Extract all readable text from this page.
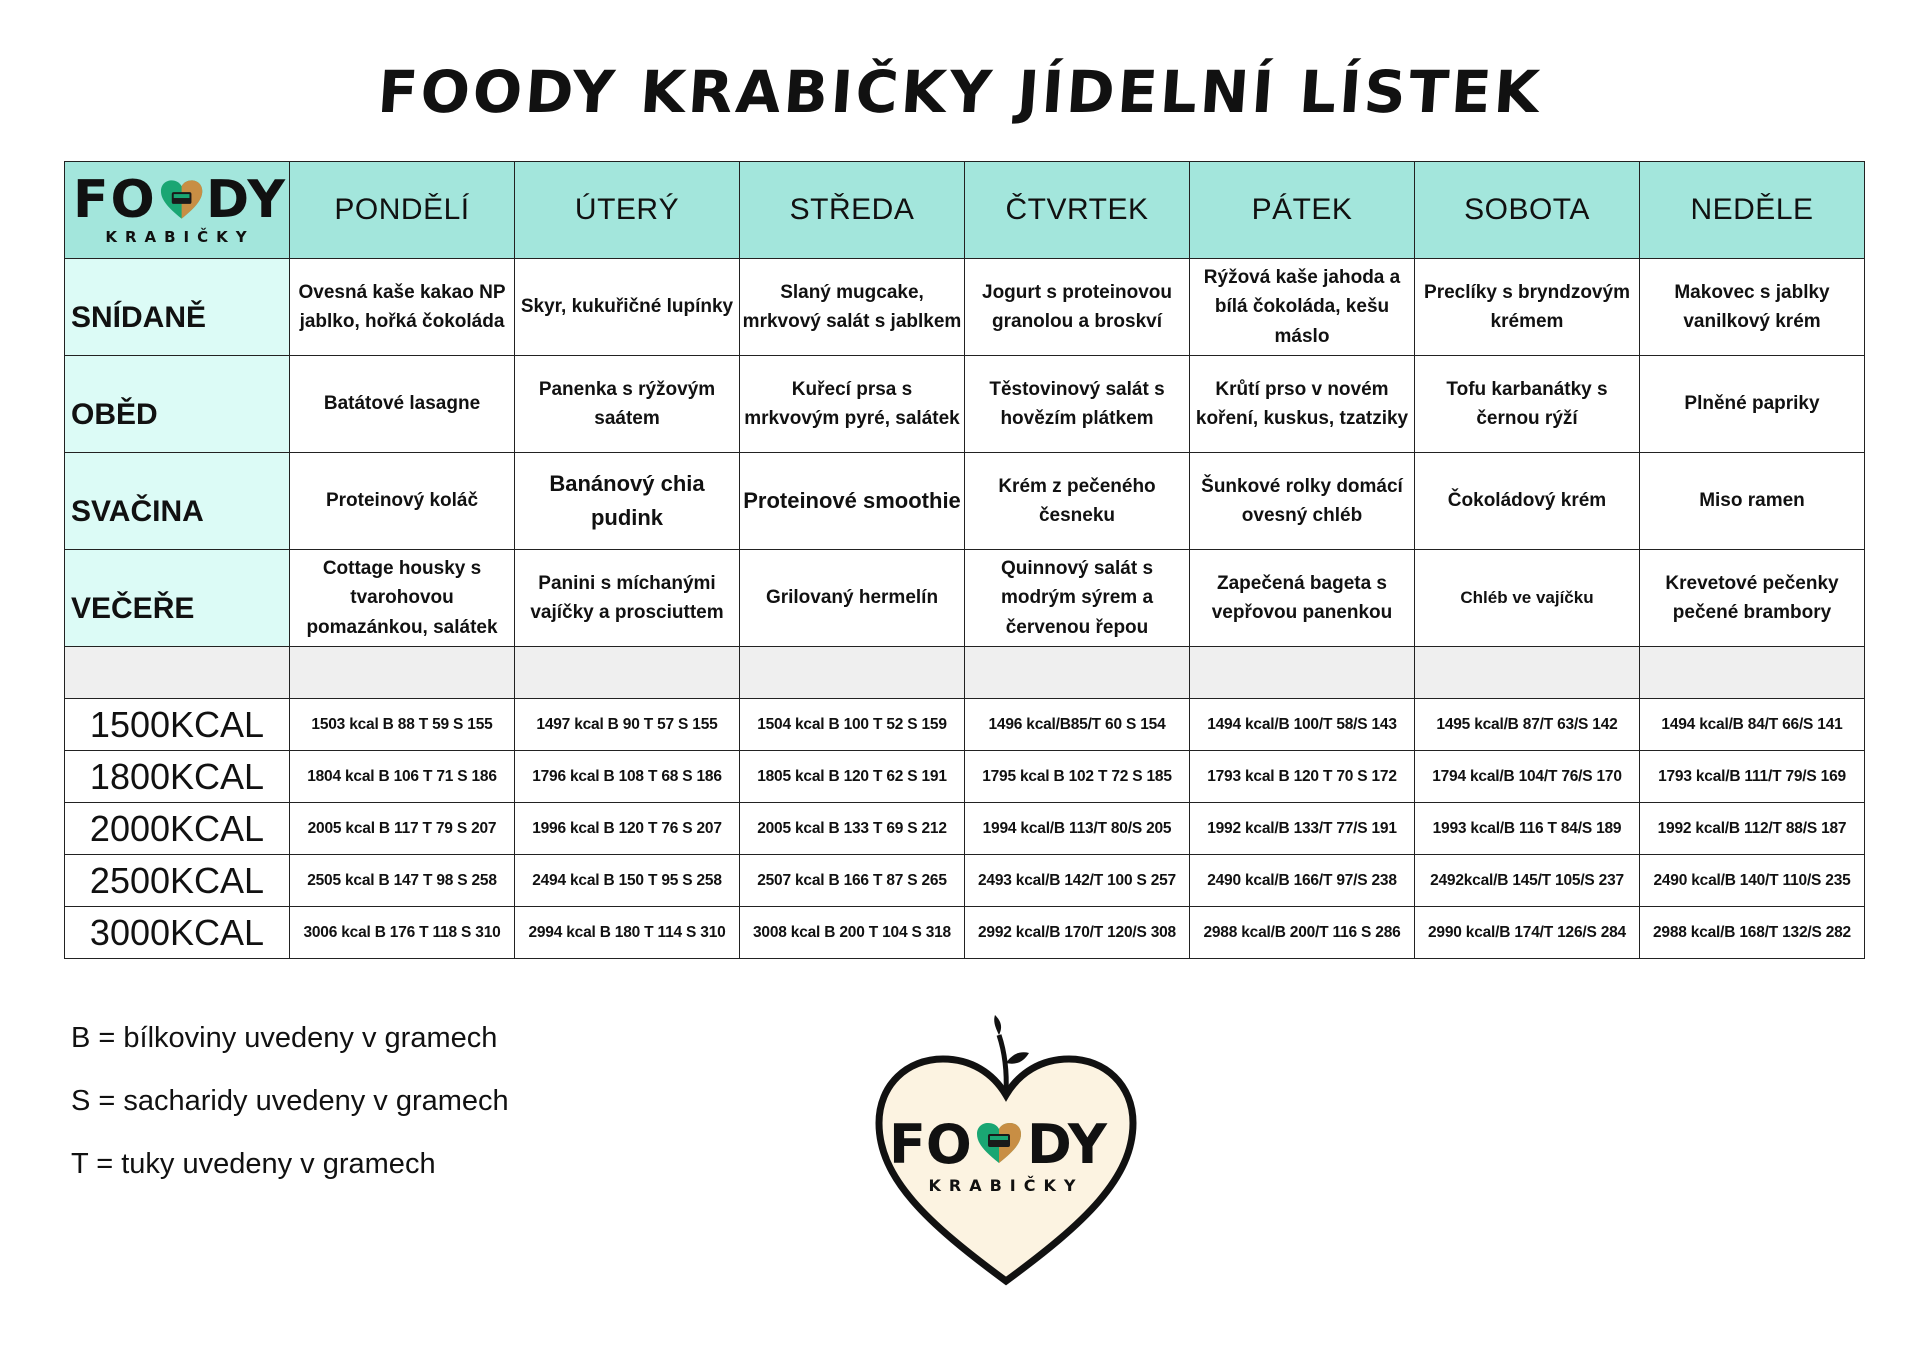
FOODY KRABIČKY JÍDELNÍ LÍSTEK
FO DY
KRABIČKY	PONDĚLÍ	ÚTERÝ	STŘEDA	ČTVRTEK	PÁTEK	SOBOTA	NEDĚLE

SNÍDANĚ	Ovesná kaše kakao NP jablko, hořká čokoláda	Skyr, kukuřičné lupínky	Slaný mugcake, mrkvový salát s jablkem	Jogurt s proteinovou granolou a broskví	Rýžová kaše jahoda a bílá čokoláda, kešu máslo	Preclíky s bryndzovým krémem	Makovec s jablky vanilkový krém

OBĚD	Batátové lasagne	Panenka s rýžovým saátem	Kuřecí prsa s mrkvovým pyré, salátek	Těstovinový salát s hovězím plátkem	Krůtí prso v novém koření, kuskus, tzatziky	Tofu karbanátky s černou rýží	Plněné papriky

SVAČINA	Proteinový koláč	Banánový chia pudink	Proteinové smoothie	Krém z pečeného česneku	Šunkové rolky domácí ovesný chléb	Čokoládový krém	Miso ramen

VEČEŘE	Cottage housky s tvarohovou pomazánkou, salátek	Panini s míchanými vajíčky a prosciuttem	Grilovaný hermelín	Quinnový salát s modrým sýrem a červenou řepou	Zapečená bageta s vepřovou panenkou	Chléb ve vajíčku	Krevetové pečenky pečené brambory

1500KCAL	1503 kcal B 88 T 59 S 155	1497 kcal B 90 T 57 S 155	1504 kcal B 100 T 52 S 159	1496 kcal/B85/T 60 S 154	1494 kcal/B 100/T 58/S 143	1495 kcal/B 87/T 63/S 142	1494 kcal/B 84/T 66/S 141
1800KCAL	1804 kcal B 106 T 71 S 186	1796 kcal B 108 T 68 S 186	1805 kcal B 120 T 62 S 191	1795 kcal B 102 T 72 S 185	1793 kcal B 120 T 70 S 172	1794 kcal/B 104/T 76/S 170	1793 kcal/B 111/T 79/S 169
2000KCAL	2005 kcal B 117 T 79 S 207	1996 kcal B 120 T 76 S 207	2005 kcal B 133 T 69 S 212	1994 kcal/B 113/T 80/S 205	1992 kcal/B 133/T 77/S 191	1993 kcal/B 116 T 84/S 189	1992 kcal/B 112/T 88/S 187
2500KCAL	2505 kcal B 147 T 98 S 258	2494 kcal B 150 T 95 S 258	2507 kcal B 166 T 87 S 265	2493 kcal/B 142/T 100 S 257	2490 kcal/B 166/T 97/S 238	2492kcal/B 145/T 105/S 237	2490 kcal/B 140/T 110/S 235
3000KCAL	3006 kcal B 176 T 118 S 310	2994 kcal B 180 T 114 S 310	3008 kcal B 200 T 104 S 318	2992 kcal/B 170/T 120/S 308	2988 kcal/B 200/T 116 S 286	2990 kcal/B 174/T 126/S 284	2988 kcal/B 168/T 132/S 282
B = bílkoviny uvedeny v gramech
S = sacharidy uvedeny v gramech
T = tuky uvedeny v gramech	FO DY
KRABIČKY
